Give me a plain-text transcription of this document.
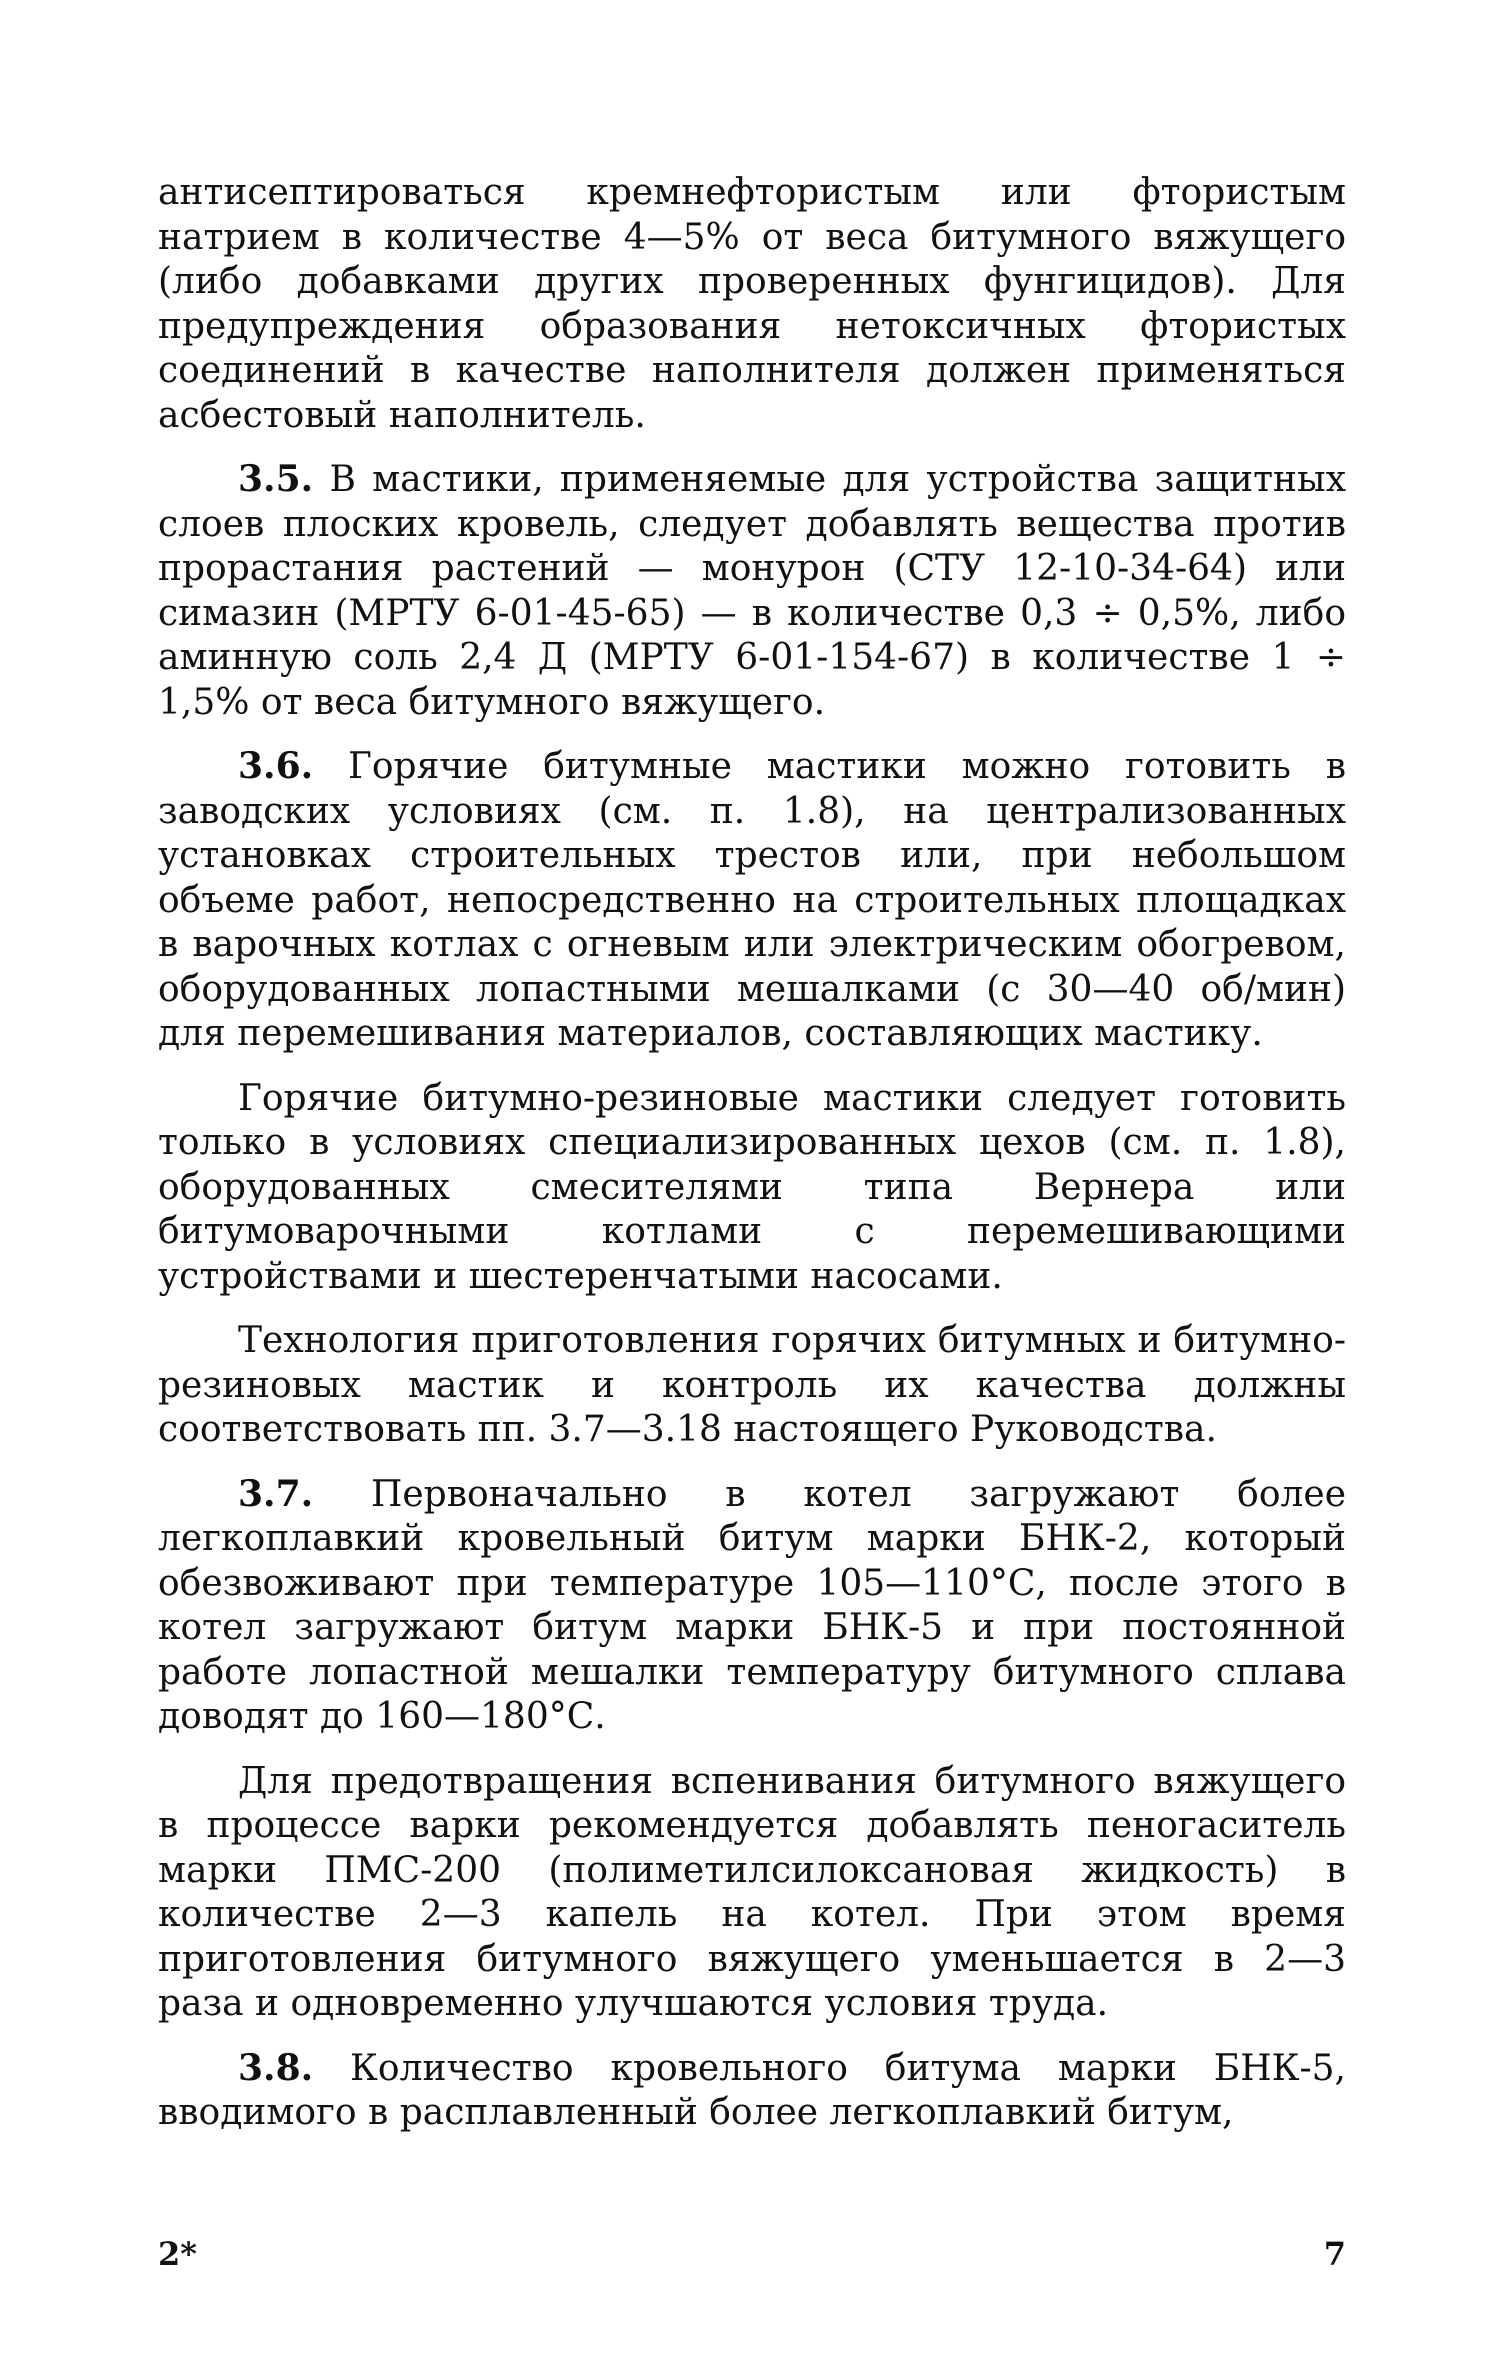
антисептироваться кремнефтористым или фтористым натрием в количестве 4—5% от веса битумного вяжущего (либо добавками других проверенных фунгицидов). Для предупреждения образования нетоксичных фтористых соединений в качестве наполнителя должен применяться асбестовый наполнитель.

3.5. В мастики, применяемые для устройства защитных слоев плоских кровель, следует добавлять вещества против прорастания растений — монурон (СТУ 12-10-34-64) или симазин (МРТУ 6-01-45-65) — в количестве 0,3 ÷ 0,5%, либо аминную соль 2,4 Д (МРТУ 6-01-154-67) в количестве 1 ÷ 1,5% от веса битумного вяжущего.

3.6. Горячие битумные мастики можно готовить в заводских условиях (см. п. 1.8), на централизованных установках строительных трестов или, при небольшом объеме работ, непосредственно на строительных площадках в варочных котлах с огневым или электрическим обогревом, оборудованных лопастными мешалками (с 30—40 об/мин) для перемешивания материалов, составляющих мастику.

Горячие битумно-резиновые мастики следует готовить только в условиях специализированных цехов (см. п. 1.8), оборудованных смесителями типа Вернера или битумоварочными котлами с перемешивающими устройствами и шестеренчатыми насосами.

Технология приготовления горячих битумных и битумно-резиновых мастик и контроль их качества должны соответствовать пп. 3.7—3.18 настоящего Руководства.

3.7. Первоначально в котел загружают более легкоплавкий кровельный битум марки БНК-2, который обезвоживают при температуре 105—110°С, после этого в котел загружают битум марки БНК-5 и при постоянной работе лопастной мешалки температуру битумного сплава доводят до 160—180°С.

Для предотвращения вспенивания битумного вяжущего в процессе варки рекомендуется добавлять пеногаситель марки ПМС-200 (полиметилсилоксановая жидкость) в количестве 2—3 капель на котел. При этом время приготовления битумного вяжущего уменьшается в 2—3 раза и одновременно улучшаются условия труда.

3.8. Количество кровельного битума марки БНК-5, вводимого в расплавленный более легкоплавкий битум,

2*	7
